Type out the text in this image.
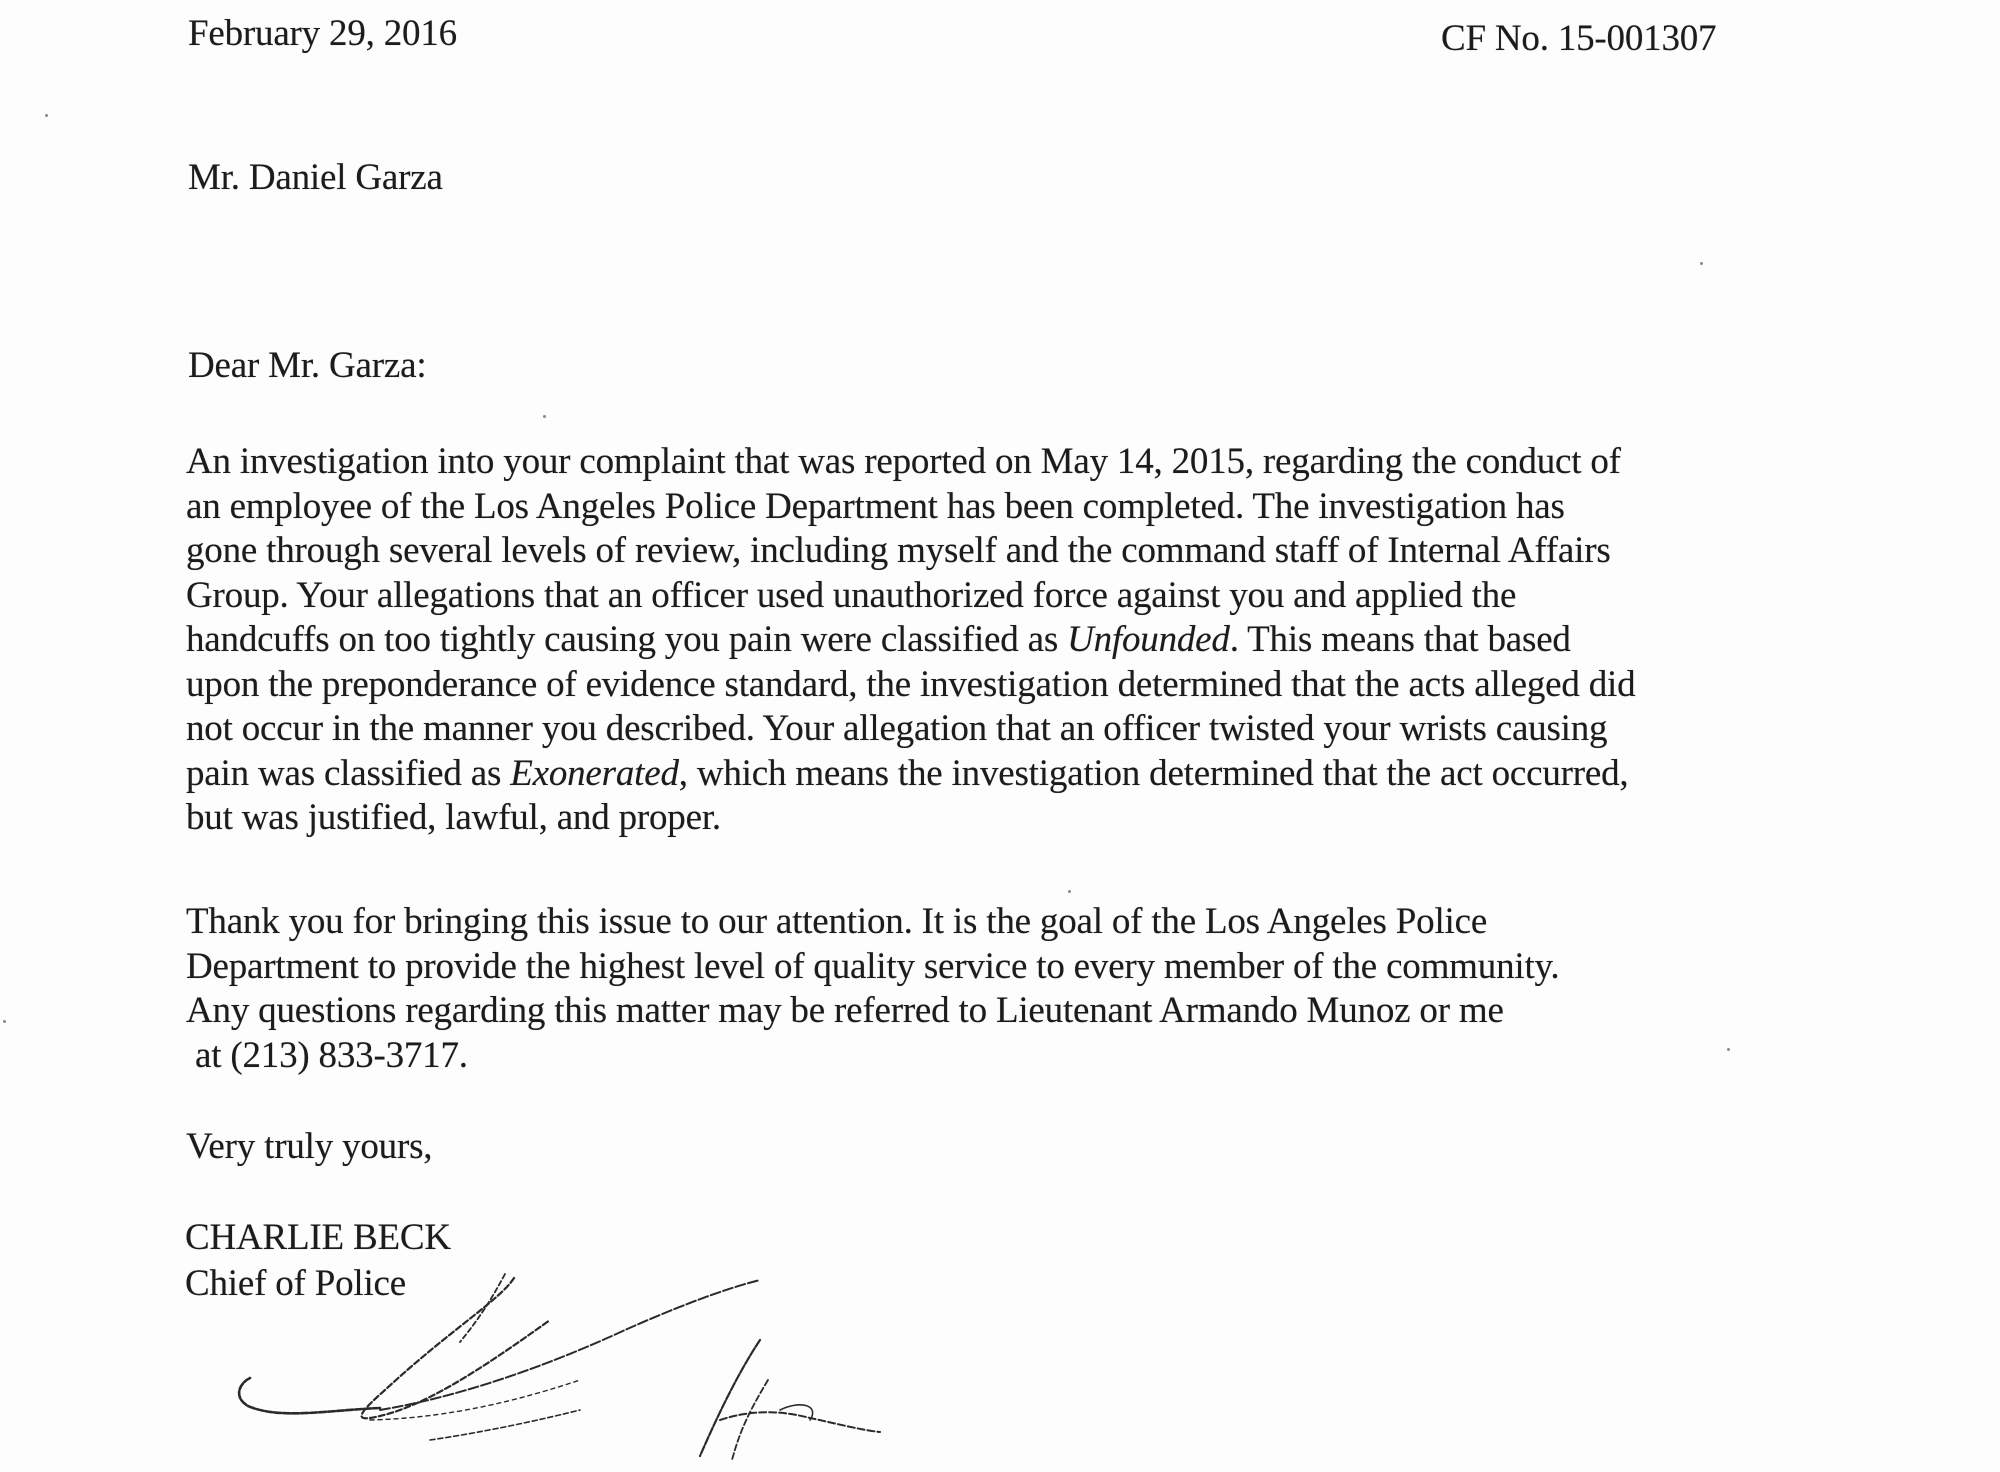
February 29, 2016	CF No. 15-001307
Mr. Daniel Garza
Dear Mr. Garza:
An investigation into your complaint that was reported on May 14, 2015, regarding the conduct of
an employee of the Los Angeles Police Department has been completed. The investigation has
gone through several levels of review, including myself and the command staff of Internal Affairs
Group. Your allegations that an officer used unauthorized force against you and applied the
handcuffs on too tightly causing you pain were classified as Unfounded. This means that based
upon the preponderance of evidence standard, the investigation determined that the acts alleged did
not occur in the manner you described. Your allegation that an officer twisted your wrists causing
pain was classified as Exonerated, which means the investigation determined that the act occurred,
but was justified, lawful, and proper.
Thank you for bringing this issue to our attention. It is the goal of the Los Angeles Police
Department to provide the highest level of quality service to every member of the community.
Any questions regarding this matter may be referred to Lieutenant Armando Munoz or me
at (213) 833-3717.
Very truly yours,
CHARLIE BECK
Chief of Police
